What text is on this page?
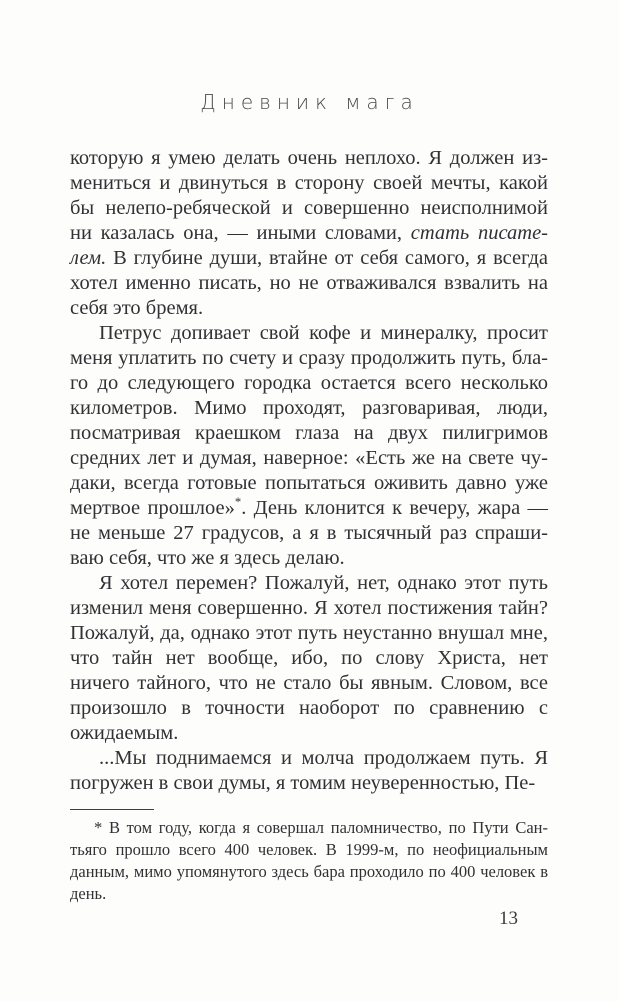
Дневник мага

которую я умею делать очень неплохо. Я должен измениться и двинуться в сторону своей мечты, какой бы нелепо-ребяческой и совершенно неисполнимой ни казалась она, — иными словами, стать писателем. В глубине души, втайне от себя самого, я всегда хотел именно писать, но не отваживался взвалить на себя это бремя.

Петрус допивает свой кофе и минералку, просит меня уплатить по счету и сразу продолжить путь, благо до следующего городка остается всего несколько километров. Мимо проходят, разговаривая, люди, посматривая краешком глаза на двух пилигримов средних лет и думая, наверное: «Есть же на свете чудаки, всегда готовые попытаться оживить давно уже мертвое прошлое»*. День клонится к вечеру, жара — не меньше 27 градусов, а я в тысячный раз спрашиваю себя, что же я здесь делаю.

Я хотел перемен? Пожалуй, нет, однако этот путь изменил меня совершенно. Я хотел постижения тайн? Пожалуй, да, однако этот путь неустанно внушал мне, что тайн нет вообще, ибо, по слову Христа, нет ничего тайного, что не стало бы явным. Словом, все произошло в точности наоборот по сравнению с ожидаемым.

...Мы поднимаемся и молча продолжаем путь. Я погружен в свои думы, я томим неуверенностью, Пе-

* В том году, когда я совершал паломничество, по Пути Сантьяго прошло всего 400 человек. В 1999-м, по неофициальным данным, мимо упомянутого здесь бара проходило по 400 человек в день.

13
